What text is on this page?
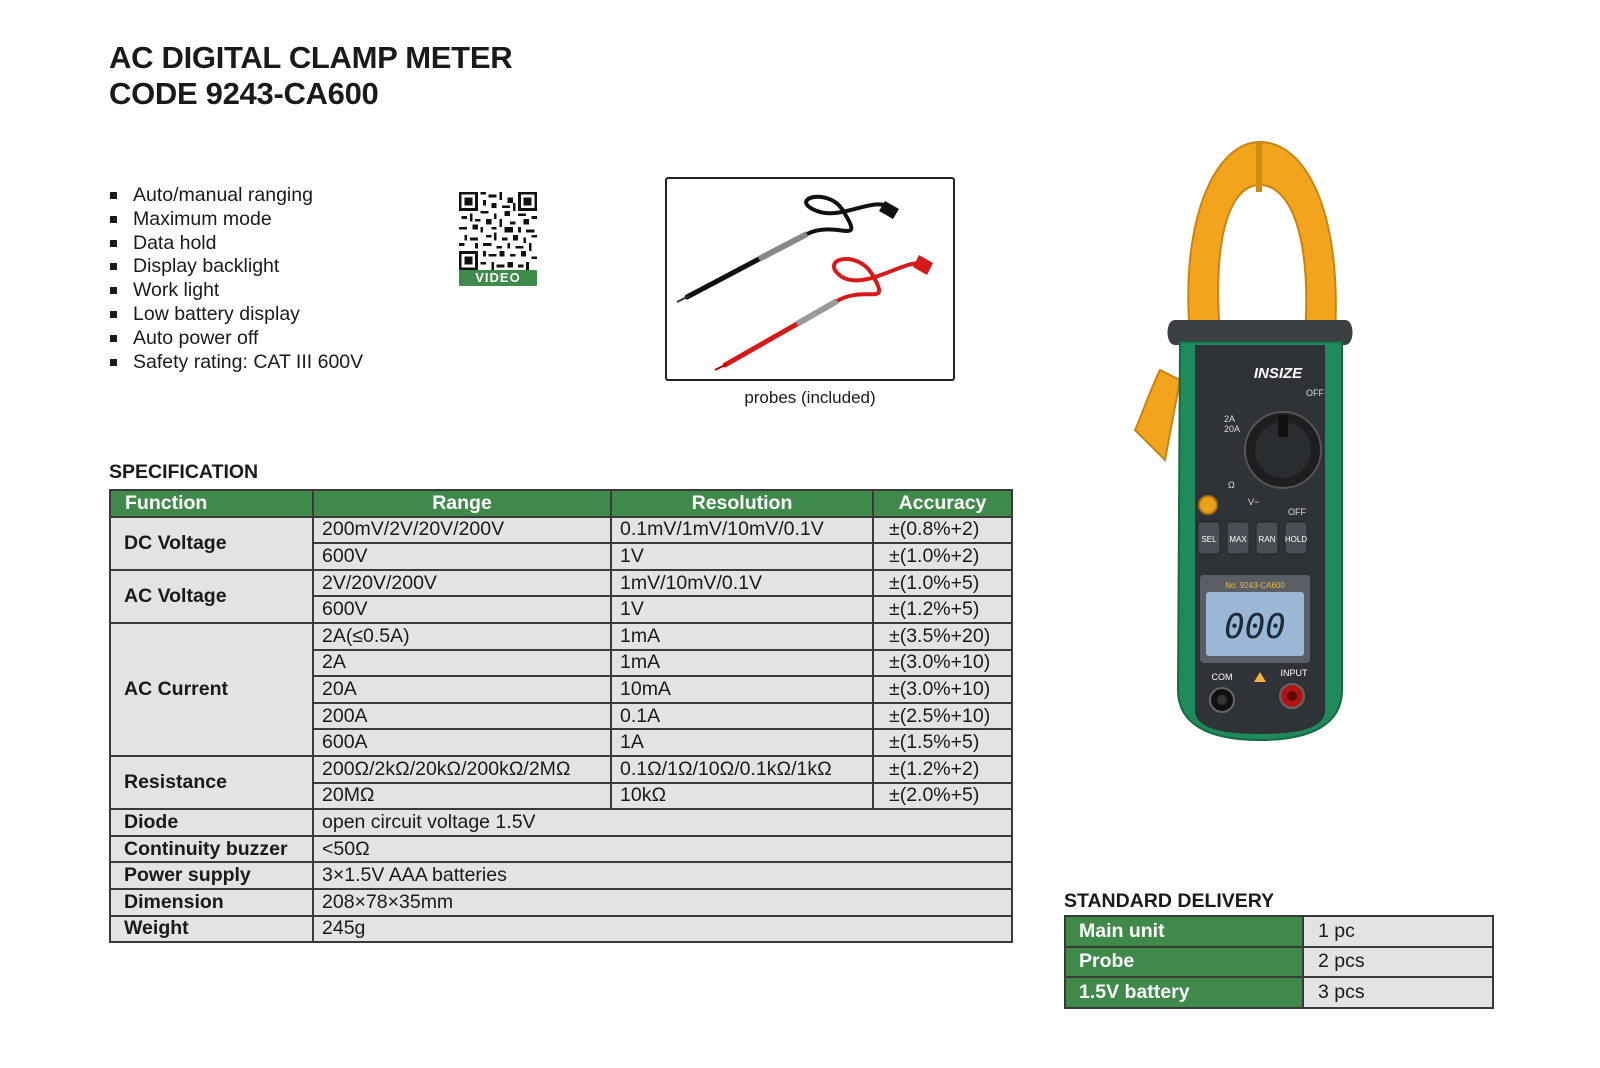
AC DIGITAL CLAMP METER
CODE 9243-CA600
Auto/manual ranging
Maximum mode
Data hold
Display backlight
Work light
Low battery display
Auto power off
Safety rating: CAT III 600V
VIDEO
probes (included)
SPECIFICATION
Function	Range	Resolution	Accuracy
DC Voltage	200mV/2V/20V/200V	0.1mV/1mV/10mV/0.1V	±(0.8%+2)
	600V	1V	±(1.0%+2)
AC Voltage	2V/20V/200V	1mV/10mV/0.1V	±(1.0%+5)
	600V	1V	±(1.2%+5)
AC Current	2A(≤0.5A)	1mA	±(3.5%+20)
	2A	1mA	±(3.0%+10)
	20A	10mA	±(3.0%+10)
	200A	0.1A	±(2.5%+10)
	600A	1A	±(1.5%+5)
Resistance	200Ω/2kΩ/20kΩ/200kΩ/2MΩ	0.1Ω/1Ω/10Ω/0.1kΩ/1kΩ	±(1.2%+2)
	20MΩ	10kΩ	±(2.0%+5)
Diode	open circuit voltage 1.5V		
Continuity buzzer	<50Ω		
Power supply	3×1.5V AAA batteries		
Dimension	208×78×35mm		
Weight	245g		
STANDARD DELIVERY
Main unit	1 pc
Probe	2 pcs
1.5V battery	3 pcs
INSIZE
2A
20A
OFF
V~
Ω
OFF
SEL MAX RAN HOLD
No. 9243-CA600
000
COM	INPUT
